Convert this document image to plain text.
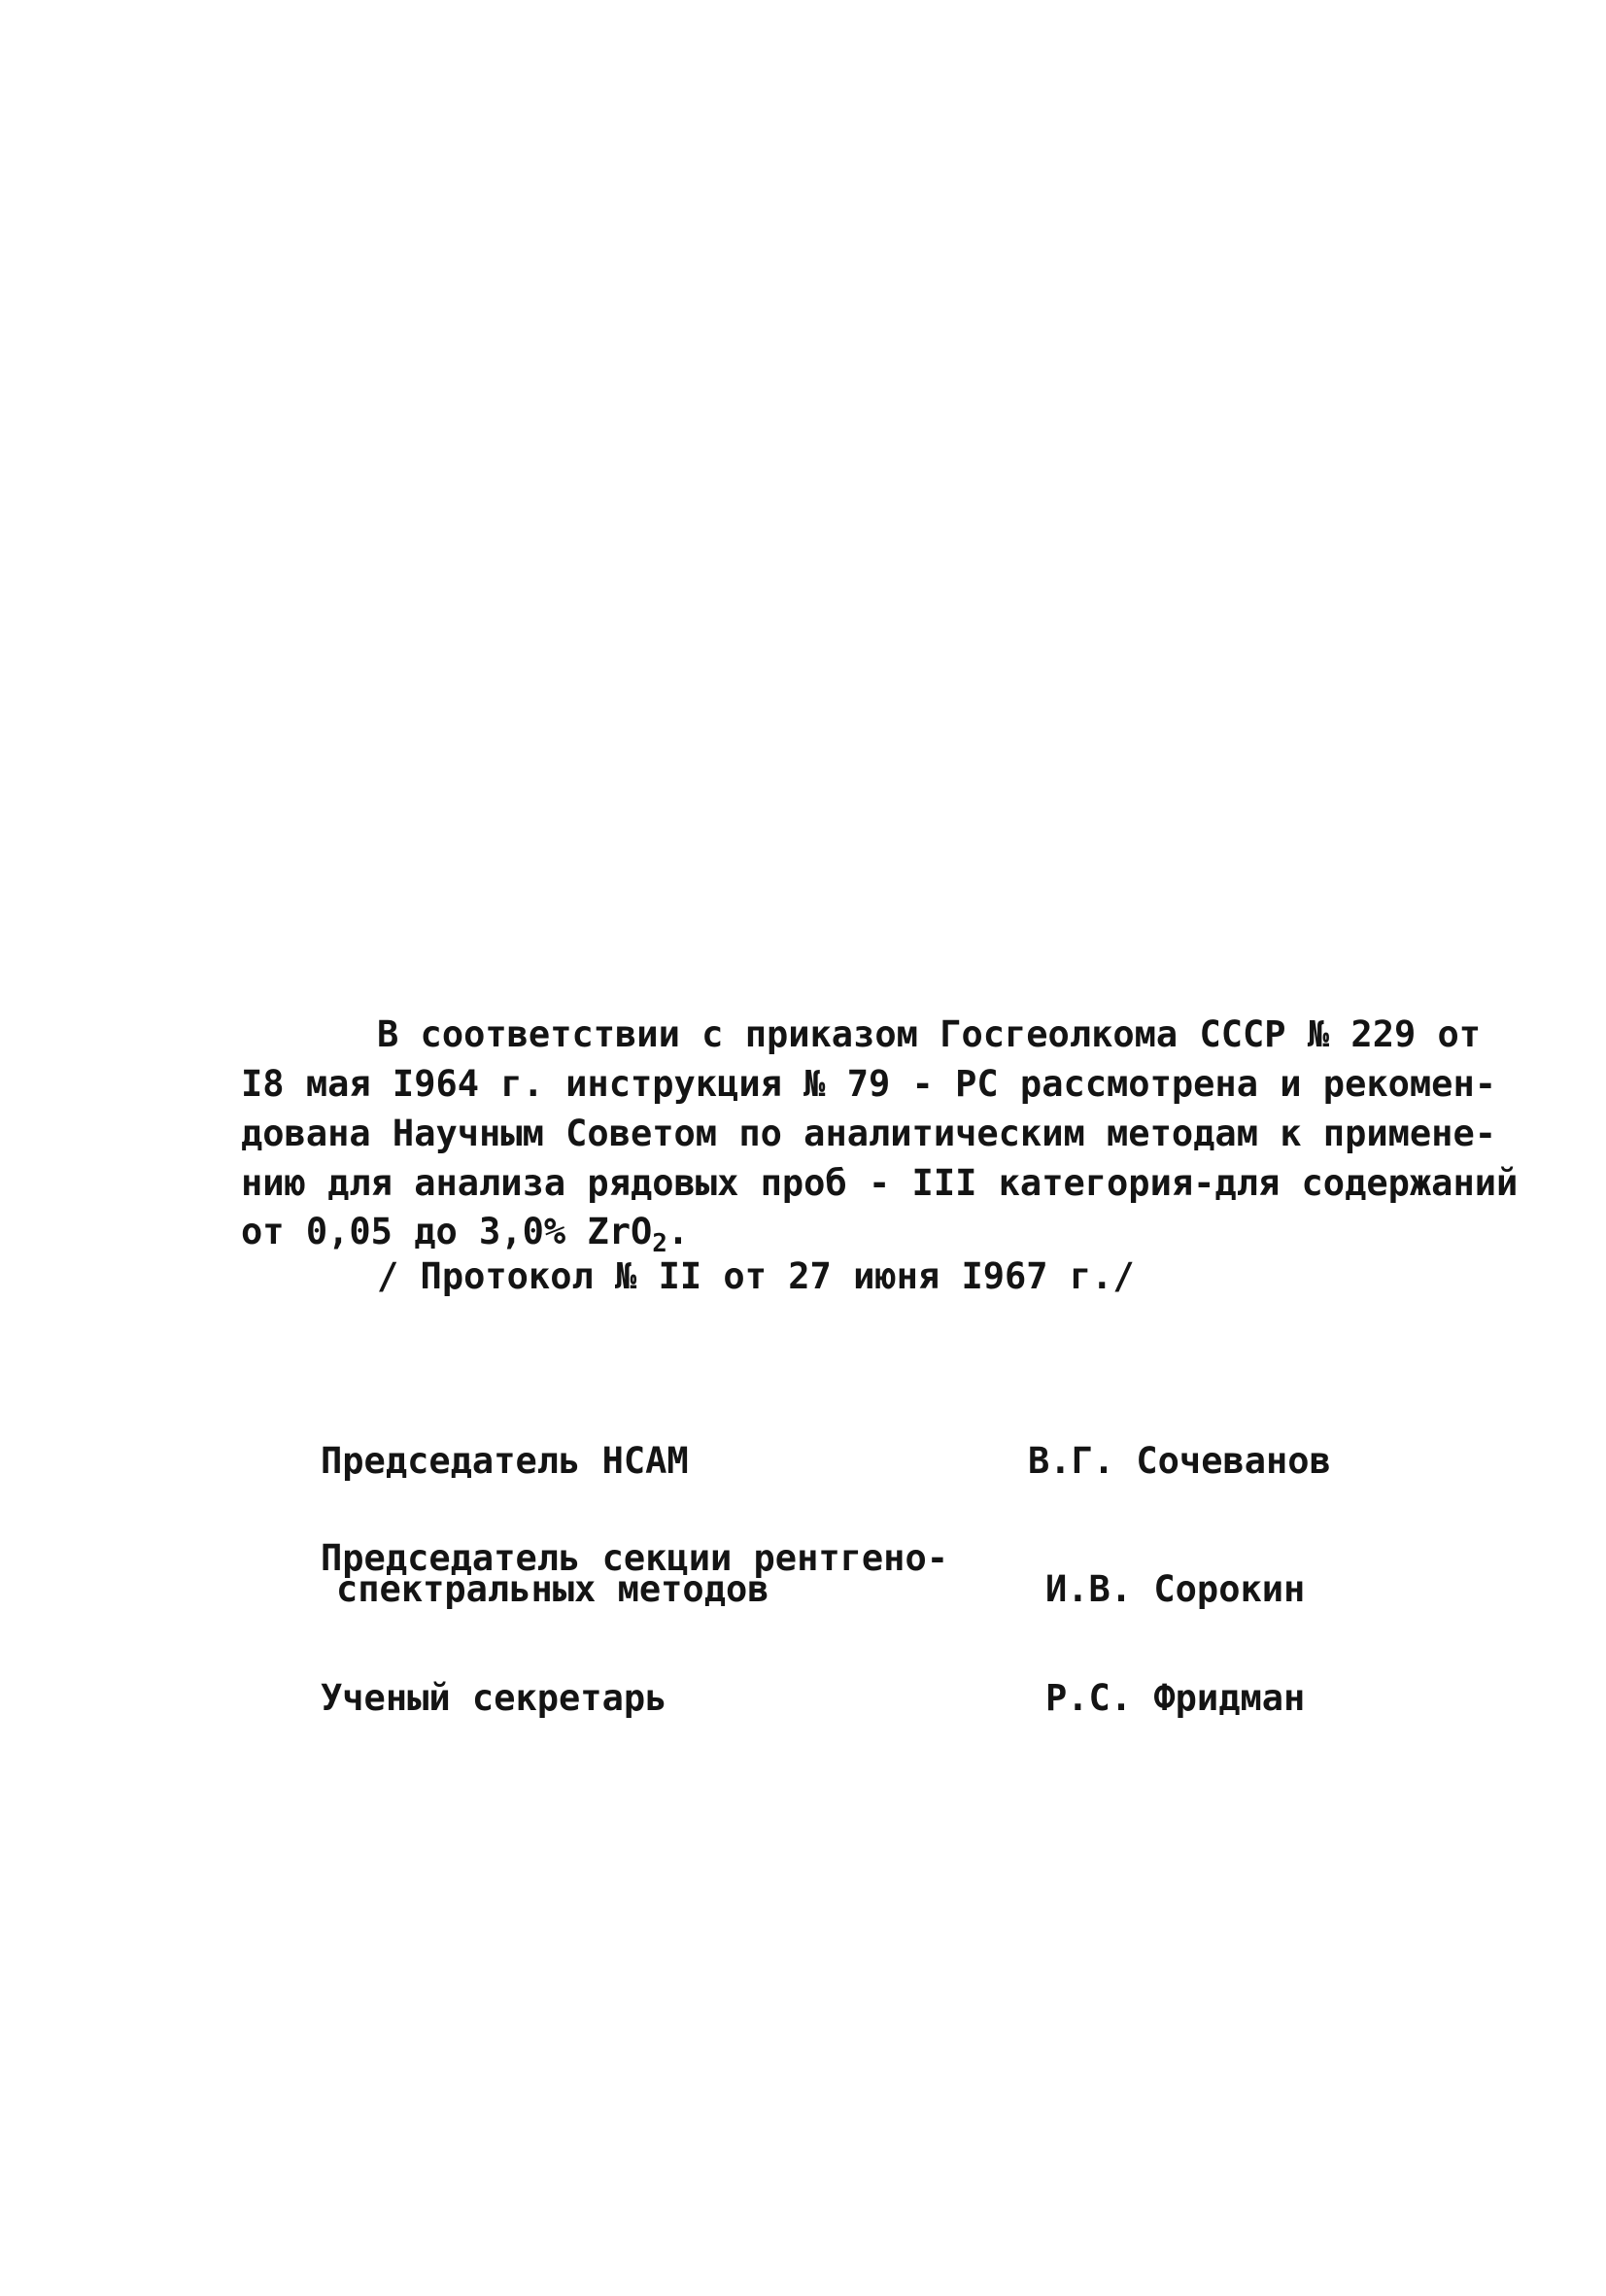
В соответствии с приказом Госгеолкома СССР № 229 от
I8 мая I964 г. инструкция № 79 - РС рассмотрена и рекомен-
дована Научным Советом по аналитическим методам к примене-
нию для анализа рядовых проб - III категория-для содержаний
от 0,05 до 3,0% ZrO$_2$.
/ Протокол № II от 27 июня I967 г./
Председатель НСАМ	В.Г. Сочеванов
Председатель секции рентгено-
спектральных методов	И.В. Сорокин
Ученый секретарь	Р.С. Фридман
